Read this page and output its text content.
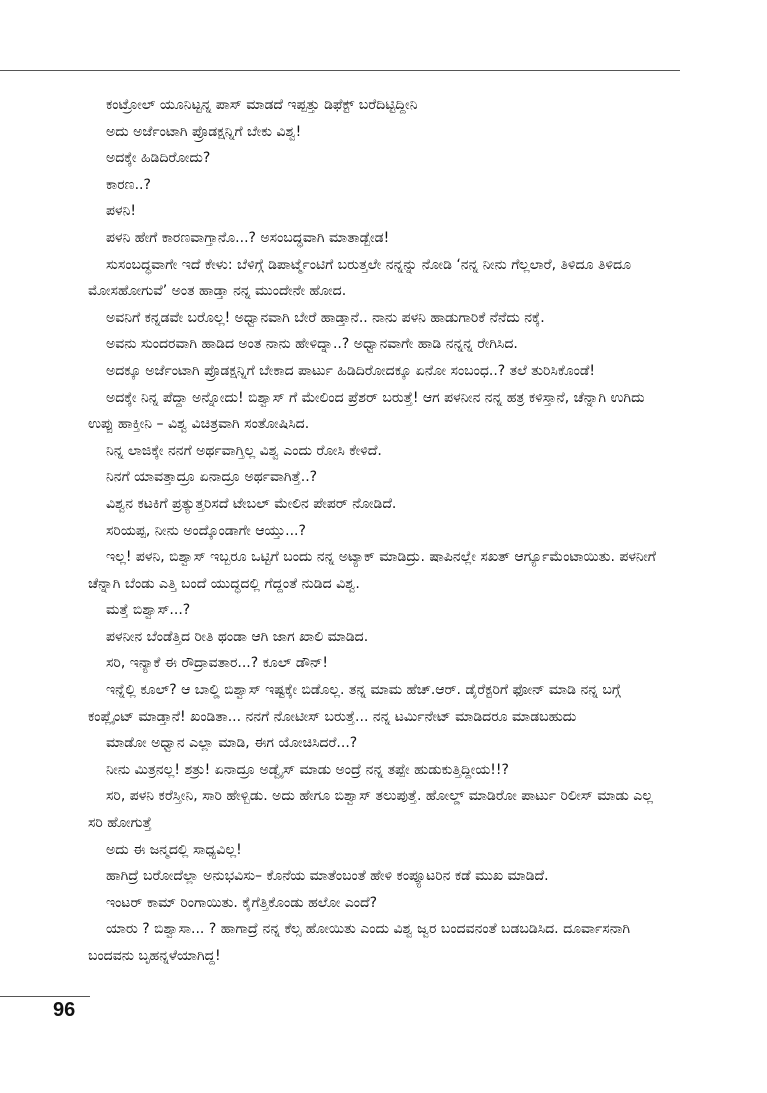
ಕಂಟ್ರೋಲ್ ಯೂನಿಟ್ಟನ್ನ ಪಾಸ್ ಮಾಡದೆ ಇಪ್ಪತ್ತು ಡಿಫೆಕ್ಟ್ ಬರೆದಿಟ್ಟಿದ್ದೀನಿ

ಅದು ಅರ್ಜೆಂಟಾಗಿ ಪ್ರೊಡಕ್ಷನ್ನಿಗೆ ಬೇಕು ವಿಶ್ವ!

ಅದಕ್ಕೇ ಹಿಡಿದಿರೋದು?

ಕಾರಣ..?

ಪಳನಿ!

ಪಳನಿ ಹೇಗೆ ಕಾರಣವಾಗ್ತಾನೊ...? ಅಸಂಬದ್ಧವಾಗಿ ಮಾತಾಡ್ಬೇಡ!

ಸುಸಂಬದ್ಧವಾಗೇ ಇದೆ ಕೇಳು: ಬೆಳಿಗ್ಗೆ ಡಿಪಾರ್ಟ್ಮೆಂಟಿಗೆ ಬರುತ್ತಲೇ ನನ್ನನ್ನು ನೋಡಿ ‘ನನ್ನ ನೀನು ಗೆಲ್ಲಲಾರೆ, ತಿಳಿದೂ ತಿಳಿದೂ ಮೋಸಹೋಗುವೆ’ ಅಂತ ಹಾಡ್ತಾ ನನ್ನ ಮುಂದೇನೇ ಹೋದ.

ಅವನಿಗೆ ಕನ್ನಡವೇ ಬರೊಲ್ಲ! ಅಧ್ವಾನವಾಗಿ ಬೇರೆ ಹಾಡ್ತಾನೆ.. ನಾನು ಪಳನಿ ಹಾಡುಗಾರಿಕೆ ನೆನೆದು ನಕ್ಕೆ.

ಅವನು ಸುಂದರವಾಗಿ ಹಾಡಿದ ಅಂತ ನಾನು ಹೇಳಿದ್ನಾ..? ಅಧ್ವಾನವಾಗೇ ಹಾಡಿ ನನ್ನನ್ನ ರೇಗಿಸಿದ.

ಅದಕ್ಕೂ ಅರ್ಜೆಂಟಾಗಿ ಪ್ರೊಡಕ್ಷನ್ನಿಗೆ ಬೇಕಾದ ಪಾರ್ಟು ಹಿಡಿದಿರೋದಕ್ಕೂ ಏನೋ ಸಂಬಂಧ..? ತಲೆ ತುರಿಸಿಕೊಂಡೆ!

ಅದಕ್ಕೇ ನಿನ್ನ ಪೆದ್ದಾ ಅನ್ನೋದು! ಬಿಶ್ವಾಸ್ ಗೆ ಮೇಲಿಂದ ಪ್ರೆಶರ್ ಬರುತ್ತೆ! ಆಗ ಪಳನೀನ ನನ್ನ ಹತ್ರ ಕಳಿಸ್ತಾನೆ, ಚೆನ್ನಾಗಿ ಉಗಿದು ಉಪ್ಪು ಹಾಕ್ತೀನಿ – ವಿಶ್ವ ವಿಚಿತ್ರವಾಗಿ ಸಂತೋಷಿಸಿದ.

ನಿನ್ನ ಲಾಜಿಕ್ಕೇ ನನಗೆ ಅರ್ಥವಾಗ್ತಿಲ್ಲ ವಿಶ್ವ ಎಂದು ರೋಸಿ ಕೇಳಿದೆ.

ನಿನಗೆ ಯಾವತ್ತಾದ್ರೂ ಏನಾದ್ರೂ ಅರ್ಥವಾಗಿತ್ತೆ..?

ವಿಶ್ವನ ಕಟಕಿಗೆ ಪ್ರತ್ಯುತ್ತರಿಸದೆ ಟೇಬಲ್ ಮೇಲಿನ ಪೇಪರ್ ನೋಡಿದೆ.

ಸರಿಯಪ್ಪ, ನೀನು ಅಂದ್ಕೊಂಡಾಗೇ ಆಯ್ತು...?

ಇಲ್ಲ! ಪಳನಿ, ಬಿಶ್ವಾಸ್ ಇಬ್ಬರೂ ಒಟ್ಟಿಗೆ ಬಂದು ನನ್ನ ಅಟ್ಯಾಕ್ ಮಾಡಿದ್ರು. ಷಾಪಿನಲ್ಲೇ ಸಖತ್ ಆರ್ಗ್ಯೂಮೆಂಟಾಯಿತು. ಪಳನೀಗೆ ಚೆನ್ನಾಗಿ ಬೆಂಡು ಎತ್ತಿ ಬಂದೆ ಯುದ್ಧದಲ್ಲಿ ಗೆದ್ದಂತೆ ನುಡಿದ ವಿಶ್ವ.

ಮತ್ತೆ ಬಿಶ್ವಾಸ್...?

ಪಳನೀನ ಬೆಂಡೆತ್ತಿದ ರೀತಿ ಥಂಡಾ ಆಗಿ ಜಾಗ ಖಾಲಿ ಮಾಡಿದ.

ಸರಿ, ಇನ್ಯಾಕೆ ಈ ರೌದ್ರಾವತಾರ...? ಕೂಲ್ ಡೌನ್!

ಇನ್ನೆಲ್ಲಿ ಕೂಲ್? ಆ ಬಾಲ್ಡಿ ಬಿಶ್ವಾಸ್ ಇಷ್ಟಕ್ಕೇ ಬಿಡೊಲ್ಲ. ತನ್ನ ಮಾಮ ಹೆಚ್.ಆರ್. ಡೈರೆಕ್ಟರಿಗೆ ಫೋನ್ ಮಾಡಿ ನನ್ನ ಬಗ್ಗೆ ಕಂಪ್ಲೈಂಟ್ ಮಾಡ್ತಾನೆ! ಖಂಡಿತಾ... ನನಗೆ ನೋಟೀಸ್ ಬರುತ್ತೆ... ನನ್ನ ಟರ್ಮಿನೇಟ್ ಮಾಡಿದರೂ ಮಾಡಬಹುದು

ಮಾಡೋ ಅಧ್ವಾನ ಎಲ್ಲಾ ಮಾಡಿ, ಈಗ ಯೋಚಿಸಿದರೆ...?

ನೀನು ಮಿತ್ರನಲ್ಲ! ಶತ್ರು! ಏನಾದ್ರೂ ಅಡ್ವೈಸ್ ಮಾಡು ಅಂದ್ರೆ ನನ್ನ ತಪ್ಪೇ ಹುಡುಕುತ್ತಿದ್ದೀಯ!!?

ಸರಿ, ಪಳನಿ ಕರೆಸ್ತೀನಿ, ಸಾರಿ ಹೇಳ್ಬಿಡು. ಅದು ಹೇಗೂ ಬಿಶ್ವಾಸ್ ತಲುಪುತ್ತೆ. ಹೋಲ್ಡ್ ಮಾಡಿರೋ ಪಾರ್ಟು ರಿಲೀಸ್ ಮಾಡು ಎಲ್ಲ ಸರಿ ಹೋಗುತ್ತೆ

ಅದು ಈ ಜನ್ಮದಲ್ಲಿ ಸಾಧ್ಯವಿಲ್ಲ!

ಹಾಗಿದ್ರೆ ಬರೋದೆಲ್ಲಾ ಅನುಭವಿಸು– ಕೊನೆಯ ಮಾತೆಂಬಂತೆ ಹೇಳಿ ಕಂಪ್ಯೂಟರಿನ ಕಡೆ ಮುಖ ಮಾಡಿದೆ.

ಇಂಟರ್ ಕಾಮ್ ರಿಂಗಾಯಿತು. ಕೈಗೆತ್ತಿಕೊಂಡು ಹಲೋ ಎಂದೆ?

ಯಾರು ? ಬಿಶ್ವಾಸಾ... ? ಹಾಗಾದ್ರೆ ನನ್ನ ಕೆಲ್ಸ ಹೋಯಿತು ಎಂದು ವಿಶ್ವ ಜ್ವರ ಬಂದವನಂತೆ ಬಡಬಡಿಸಿದ. ದೂರ್ವಾಸನಾಗಿ ಬಂದವನು ಬೃಹನ್ನಳೆಯಾಗಿದ್ದ!

96
